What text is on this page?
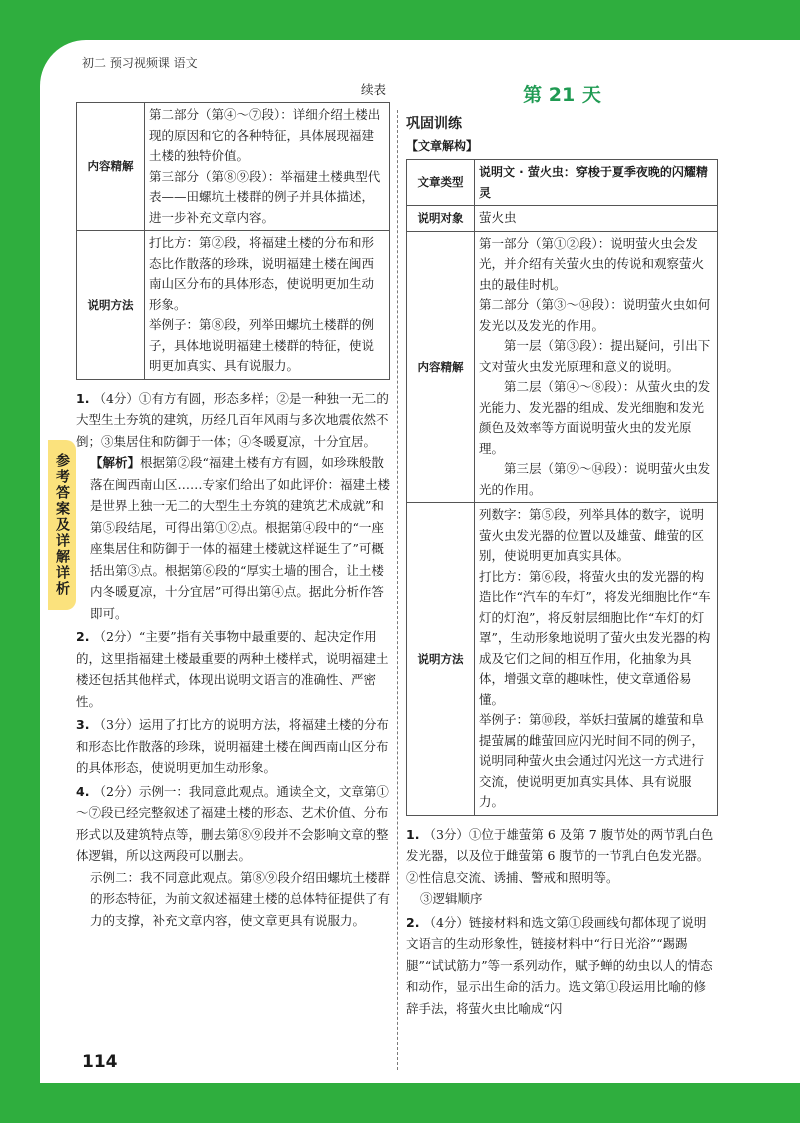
初二 预习视频课 语文
参考答案及详解详析
续表
内容精解	第二部分（第④～⑦段）：详细介绍土楼出现的原因和它的各种特征，具体展现福建土楼的独特价值。
第三部分（第⑧⑨段）：举福建土楼典型代表——田螺坑土楼群的例子并具体描述，进一步补充文章内容。

说明方法	打比方：第②段，将福建土楼的分布和形态比作散落的珍珠，说明福建土楼在闽西南山区分布的具体形态，使说明更加生动形象。
举例子：第⑧段，列举田螺坑土楼群的例子，具体地说明福建土楼群的特征，使说明更加真实、具有说服力。
1. （4分）①有方有圆，形态多样；②是一种独一无二的大型生土夯筑的建筑，历经几百年风雨与多次地震依然不倒；③集居住和防御于一体；④冬暖夏凉，十分宜居。
【解析】根据第②段“福建土楼有方有圆，如珍珠般散落在闽西南山区……专家们给出了如此评价：福建土楼是世界上独一无二的大型生土夯筑的建筑艺术成就”和第⑤段结尾，可得出第①②点。根据第④段中的“一座座集居住和防御于一体的福建土楼就这样诞生了”可概括出第③点。根据第⑥段的“厚实土墙的围合，让土楼内冬暖夏凉，十分宜居”可得出第④点。据此分析作答即可。
2. （2分）“主要”指有关事物中最重要的、起决定作用的，这里指福建土楼最重要的两种土楼样式，说明福建土楼还包括其他样式，体现出说明文语言的准确性、严密性。
3. （3分）运用了打比方的说明方法，将福建土楼的分布和形态比作散落的珍珠，说明福建土楼在闽西南山区分布的具体形态，使说明更加生动形象。
4. （2分）示例一：我同意此观点。通读全文，文章第①～⑦段已经完整叙述了福建土楼的形态、艺术价值、分布形式以及建筑特点等，删去第⑧⑨段并不会影响文章的整体逻辑，所以这两段可以删去。
示例二：我不同意此观点。第⑧⑨段介绍田螺坑土楼群的形态特征，为前文叙述福建土楼的总体特征提供了有力的支撑，补充文章内容，使文章更具有说服力。
第 21 天
巩固训练
【文章解构】
文章类型	说明文 · 萤火虫：穿梭于夏季夜晚的闪耀精灵
说明对象	萤火虫
内容精解	第一部分（第①②段）：说明萤火虫会发光，并介绍有关萤火虫的传说和观察萤火虫的最佳时机。
第二部分（第③～⑭段）：说明萤火虫如何发光以及发光的作用。
第一层（第③段）：提出疑问，引出下文对萤火虫发光原理和意义的说明。
第二层（第④～⑧段）：从萤火虫的发光能力、发光器的组成、发光细胞和发光颜色及效率等方面说明萤火虫的发光原理。
第三层（第⑨～⑭段）：说明萤火虫发光的作用。

说明方法	列数字：第⑤段，列举具体的数字，说明萤火虫发光器的位置以及雄萤、雌萤的区别，使说明更加真实具体。
打比方：第⑥段，将萤火虫的发光器的构造比作“汽车的车灯”，将发光细胞比作“车灯的灯泡”，将反射层细胞比作“车灯的灯罩”，生动形象地说明了萤火虫发光器的构成及它们之间的相互作用，化抽象为具体，增强文章的趣味性，使文章通俗易懂。
举例子：第⑩段，举妖扫萤属的雄萤和阜提萤属的雌萤回应闪光时间不同的例子，说明同种萤火虫会通过闪光这一方式进行交流，使说明更加真实具体、具有说服力。
1. （3分）①位于雄萤第 6 及第 7 腹节处的两节乳白色发光器，以及位于雌萤第 6 腹节的一节乳白色发光器。　②性信息交流、诱捕、警戒和照明等。
③逻辑顺序
2. （4分）链接材料和选文第①段画线句都体现了说明文语言的生动形象性，链接材料中“行日光浴”“踢踢腿”“试试筋力”等一系列动作，赋予蝉的幼虫以人的情态和动作，显示出生命的活力。选文第①段运用比喻的修辞手法，将萤火虫比喻成“闪
114
